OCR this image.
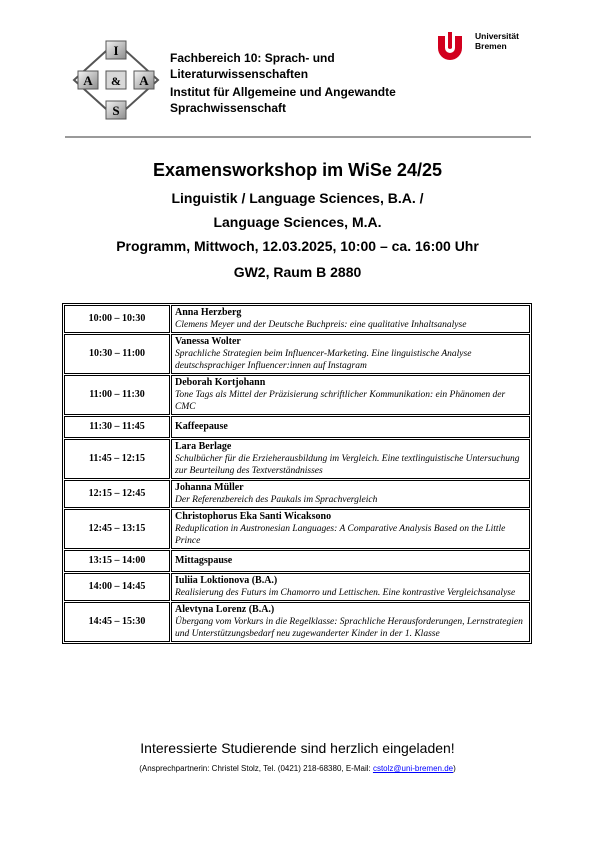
I
A & A
S
Fachbereich 10: Sprach- und
Literaturwissenschaften
Institut für Allgemeine und Angewandte
Sprachwissenschaft
Universität
Bremen
Examensworkshop im WiSe 24/25
Linguistik / Language Sciences, B.A. /
Language Sciences, M.A.
Programm, Mittwoch, 12.03.2025, 10:00 – ca. 16:00 Uhr
GW2, Raum B 2880
10:00 – 10:30	Anna Herzberg
Clemens Meyer und der Deutsche Buchpreis: eine qualitative Inhaltsanalyse

10:30 – 11:00	Vanessa Wolter
Sprachliche Strategien beim Influencer-Marketing. Eine linguistische Analyse deutschsprachiger Influencer:innen auf Instagram

11:00 – 11:30	Deborah Kortjohann
Tone Tags als Mittel der Präzisierung schriftlicher Kommunikation: ein Phänomen der CMC

11:30 – 11:45	Kaffeepause

11:45 – 12:15	Lara Berlage
Schulbücher für die Erzieherausbildung im Vergleich. Eine textlinguistische Untersuchung zur Beurteilung des Textverständnisses

12:15 – 12:45	Johanna Müller
Der Referenzbereich des Paukals im Sprachvergleich

12:45 – 13:15	Christophorus Eka Santi Wicaksono
Reduplication in Austronesian Languages: A Comparative Analysis Based on the Little Prince

13:15 – 14:00	Mittagspause

14:00 – 14:45	Iuliia Loktionova (B.A.)
Realisierung des Futurs im Chamorro und Lettischen. Eine kontrastive Vergleichsanalyse

14:45 – 15:30	Alevtyna Lorenz (B.A.)
Übergang vom Vorkurs in die Regelklasse: Sprachliche Herausforderungen, Lernstrategien und Unterstützungsbedarf neu zugewanderter Kinder in der 1. Klasse
Interessierte Studierende sind herzlich eingeladen!
(Ansprechpartnerin: Christel Stolz, Tel. (0421) 218-68380, E-Mail: cstolz@uni-bremen.de)
